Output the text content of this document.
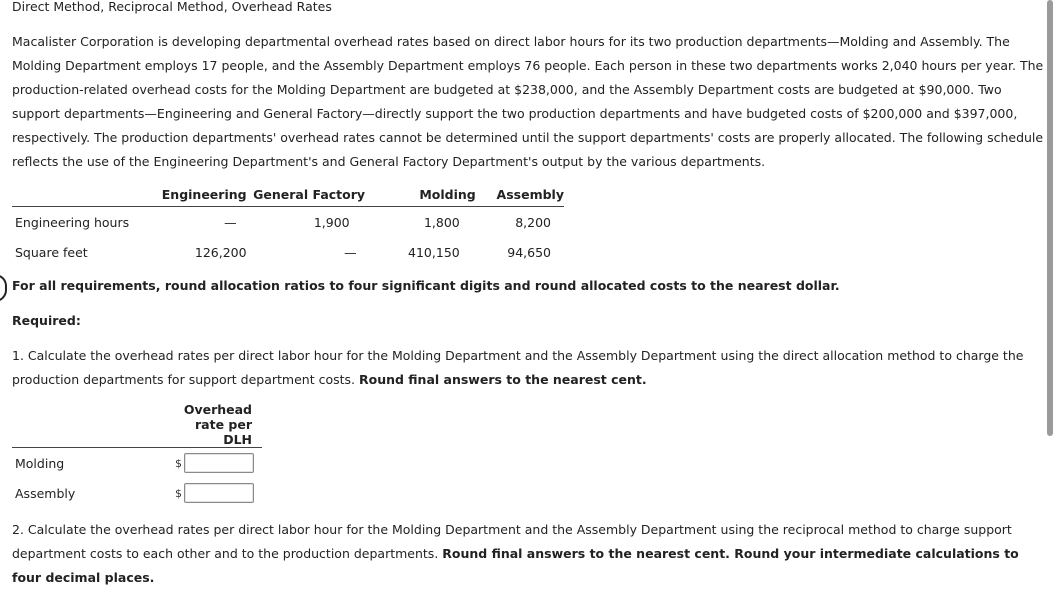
Direct Method, Reciprocal Method, Overhead Rates
Macalister Corporation is developing departmental overhead rates based on direct labor hours for its two production departments—Molding and Assembly. The Molding Department employs 17 people, and the Assembly Department employs 76 people. Each person in these two departments works 2,040 hours per year. The production-related overhead costs for the Molding Department are budgeted at $238,000, and the Assembly Department costs are budgeted at $90,000. Two support departments—Engineering and General Factory—directly support the two production departments and have budgeted costs of $200,000 and $397,000, respectively. The production departments' overhead rates cannot be determined until the support departments' costs are properly allocated. The following schedule reflects the use of the Engineering Department's and General Factory Department's output by the various departments.
	Engineering	General Factory	Molding	Assembly
Engineering hours	—	1,900	1,800	8,200
Square feet	126,200	—	410,150	94,650
For all requirements, round allocation ratios to four significant digits and round allocated costs to the nearest dollar.
Required:
1. Calculate the overhead rates per direct labor hour for the Molding Department and the Assembly Department using the direct allocation method to charge the production departments for support department costs. Round final answers to the nearest cent.
	Overhead rate per DLH
Molding	$

Assembly	$
2. Calculate the overhead rates per direct labor hour for the Molding Department and the Assembly Department using the reciprocal method to charge support department costs to each other and to the production departments. Round final answers to the nearest cent. Round your intermediate calculations to four decimal places.
